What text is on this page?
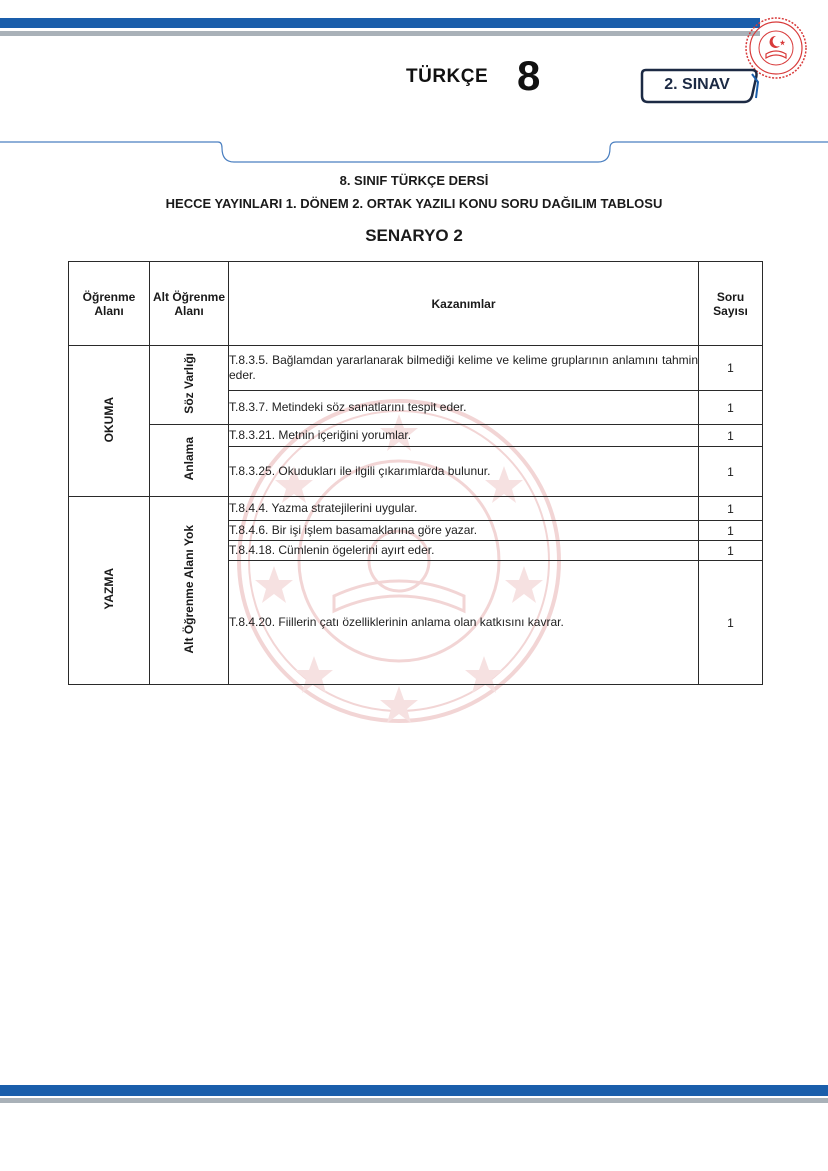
TÜRKÇE 8	2. SINAV
8. SINIF TÜRKÇE DERSİ
HECCE YAYINLARI 1. DÖNEM 2. ORTAK YAZILI KONU SORU DAĞILIM TABLOSU
SENARYO 2
Öğrenme Alanı	Alt Öğrenme Alanı	Kazanımlar	Soru Sayısı
OKUMA	Söz Varlığı	T.8.3.5. Bağlamdan yararlanarak bilmediği kelime ve kelime gruplarının anlamını tahmin eder.	1
		T.8.3.7. Metindeki söz sanatlarını tespit eder.	1
	Anlama	T.8.3.21. Metnin içeriğini yorumlar.	1
		T.8.3.25. Okudukları ile ilgili çıkarımlarda bulunur.	1
YAZMA	Alt Öğrenme Alanı Yok	T.8.4.4. Yazma stratejilerini uygular.	1
		T.8.4.6. Bir işi işlem basamaklarına göre yazar.	1
		T.8.4.18. Cümlenin ögelerini ayırt eder.	1
		T.8.4.20. Fiillerin çatı özelliklerinin anlama olan katkısını kavrar.	1
